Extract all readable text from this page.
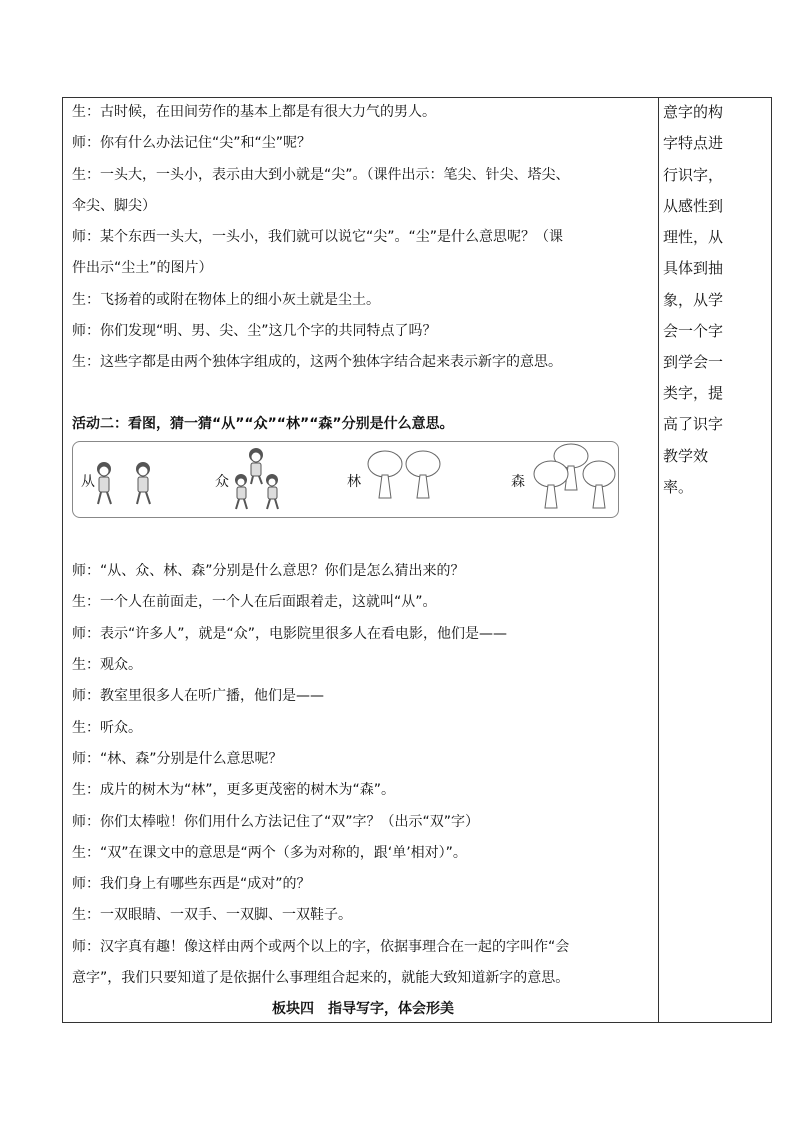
生：古时候，在田间劳作的基本上都是有很大力气的男人。
师：你有什么办法记住“尖”和“尘”呢？
生：一头大，一头小，表示由大到小就是“尖”。（课件出示：笔尖、针尖、塔尖、
伞尖、脚尖）
师：某个东西一头大，一头小，我们就可以说它“尖”。“尘”是什么意思呢？（课
件出示“尘土”的图片）
生：飞扬着的或附在物体上的细小灰土就是尘土。
师：你们发现“明、男、尖、尘”这几个字的共同特点了吗？
生：这些字都是由两个独体字组成的，这两个独体字结合起来表示新字的意思。
活动二：看图，猜一猜“从”“众”“林”“森”分别是什么意思。
从	众	林	森
师：“从、众、林、森”分别是什么意思？你们是怎么猜出来的？
生：一个人在前面走，一个人在后面跟着走，这就叫“从”。
师：表示“许多人”，就是“众”，电影院里很多人在看电影，他们是——
生：观众。
师：教室里很多人在听广播，他们是——
生：听众。
师：“林、森”分别是什么意思呢？
生：成片的树木为“林”，更多更茂密的树木为“森”。
师：你们太棒啦！你们用什么方法记住了“双”字？（出示“双”字）
生：“双”在课文中的意思是“两个（多为对称的，跟‘单’相对）”。
师：我们身上有哪些东西是“成对”的？
生：一双眼睛、一双手、一双脚、一双鞋子。
师：汉字真有趣！像这样由两个或两个以上的字，依据事理合在一起的字叫作“会
意字”，我们只要知道了是依据什么事理组合起来的，就能大致知道新字的意思。
板块四　指导写字，体会形美
意字的构
字特点进
行识字，
从感性到
理性，从
具体到抽
象，从学
会一个字
到学会一
类字，提
高了识字
教学效
率。
